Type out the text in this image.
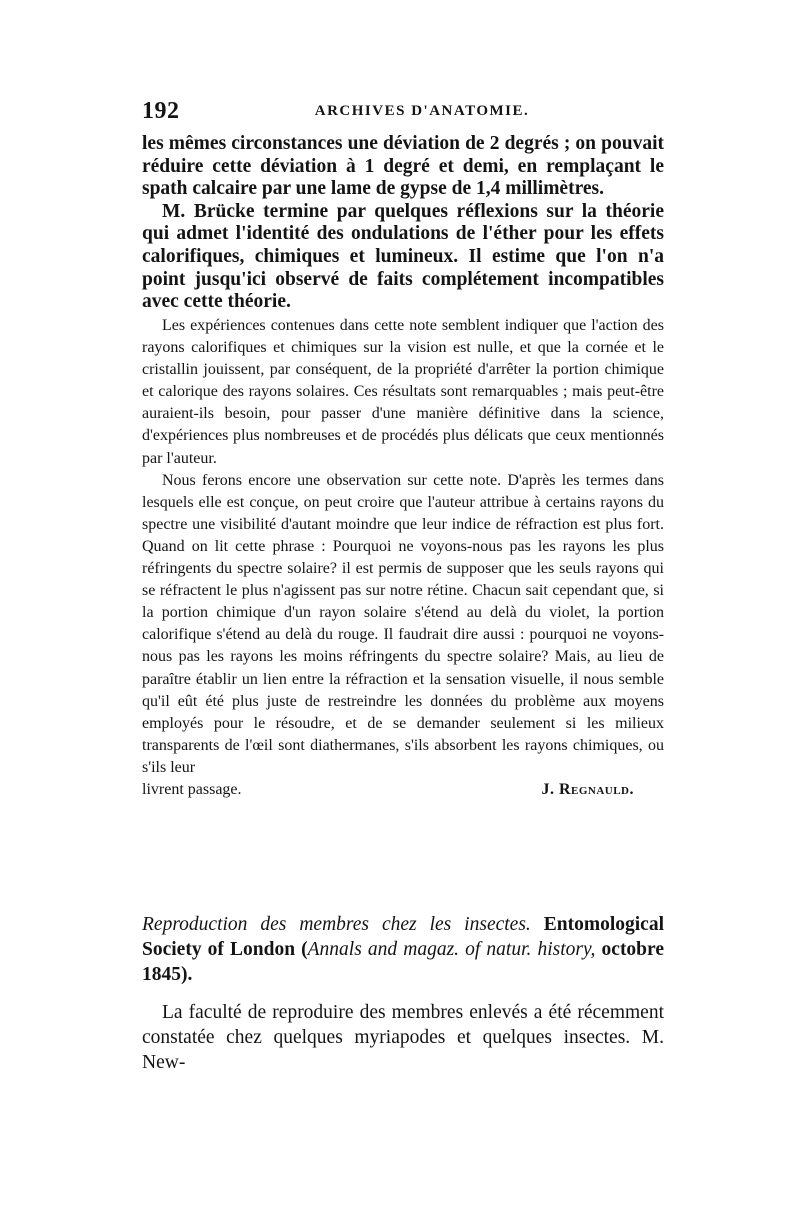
192	ARCHIVES D'ANATOMIE.

les mêmes circonstances une déviation de 2 degrés ; on pouvait réduire cette déviation à 1 degré et demi, en remplaçant le spath calcaire par une lame de gypse de 1,4 millimètres.

M. Brücke termine par quelques réflexions sur la théorie qui admet l'identité des ondulations de l'éther pour les effets calorifiques, chimiques et lumineux. Il estime que l'on n'a point jusqu'ici observé de faits complétement incompatibles avec cette théorie.

Les expériences contenues dans cette note semblent indiquer que l'action des rayons calorifiques et chimiques sur la vision est nulle, et que la cornée et le cristallin jouissent, par conséquent, de la propriété d'arrêter la portion chimique et calorique des rayons solaires. Ces résultats sont remarquables ; mais peut-être auraient-ils besoin, pour passer d'une manière définitive dans la science, d'expériences plus nombreuses et de procédés plus délicats que ceux mentionnés par l'auteur.

Nous ferons encore une observation sur cette note. D'après les termes dans lesquels elle est conçue, on peut croire que l'auteur attribue à certains rayons du spectre une visibilité d'autant moindre que leur indice de réfraction est plus fort. Quand on lit cette phrase : Pourquoi ne voyons-nous pas les rayons les plus réfringents du spectre solaire? il est permis de supposer que les seuls rayons qui se réfractent le plus n'agissent pas sur notre rétine. Chacun sait cependant que, si la portion chimique d'un rayon solaire s'étend au delà du violet, la portion calorifique s'étend au delà du rouge. Il faudrait dire aussi : pourquoi ne voyons-nous pas les rayons les moins réfringents du spectre solaire? Mais, au lieu de paraître établir un lien entre la réfraction et la sensation visuelle, il nous semble qu'il eût été plus juste de restreindre les données du problème aux moyens employés pour le résoudre, et de se demander seulement si les milieux transparents de l'œil sont diathermanes, s'ils absorbent les rayons chimiques, ou s'ils leur

livrent passage.	J. Regnauld.

Reproduction des membres chez les insectes. Entomological Society of London (Annals and magaz. of natur. history, octobre 1845).

La faculté de reproduire des membres enlevés a été récemment constatée chez quelques myriapodes et quelques insectes. M. New-
